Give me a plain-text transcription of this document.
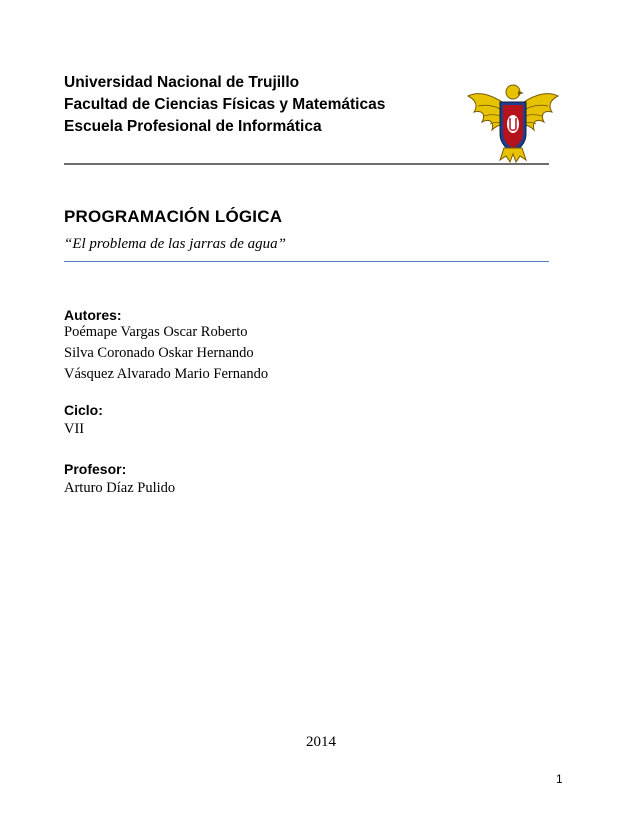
Universidad Nacional de Trujillo
Facultad de Ciencias Físicas y Matemáticas
Escuela Profesional de Informática
PROGRAMACIÓN LÓGICA
“El problema de las jarras de agua”
Autores:
Poémape Vargas Oscar Roberto
Silva Coronado Oskar Hernando
Vásquez Alvarado Mario Fernando
Ciclo:
VII
Profesor:
Arturo Díaz Pulido
2014
1
